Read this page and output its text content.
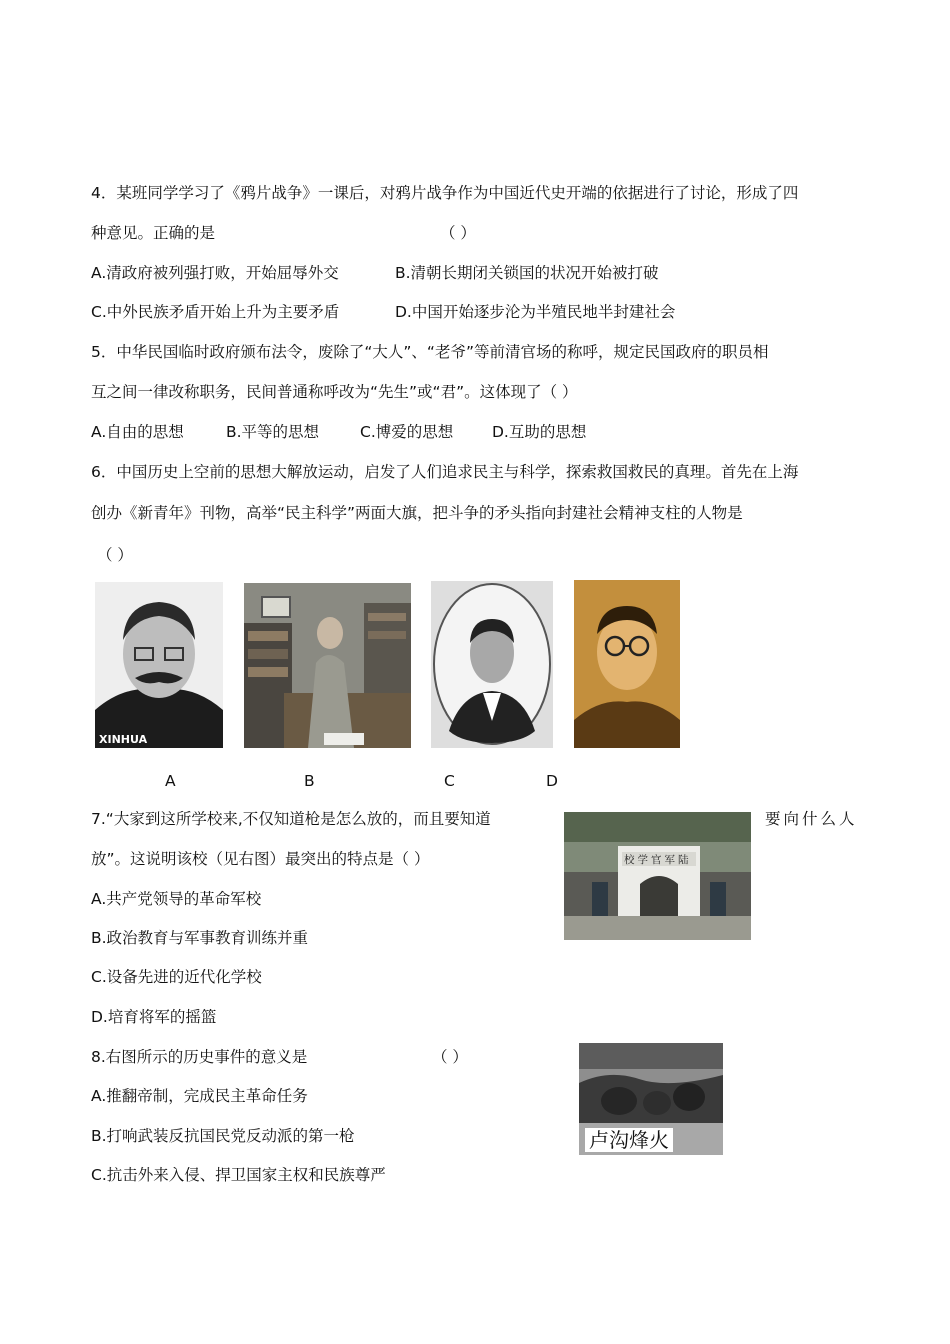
4．某班同学学习了《鸦片战争》一课后，对鸦片战争作为中国近代史开端的依据进行了讨论，形成了四
种意见。正确的是	（ ）
A.清政府被列强打败，开始屈辱外交	B.清朝长期闭关锁国的状况开始被打破
C.中外民族矛盾开始上升为主要矛盾	D.中国开始逐步沦为半殖民地半封建社会
5．中华民国临时政府颁布法令，废除了“大人”、“老爷”等前清官场的称呼，规定民国政府的职员相
互之间一律改称职务，民间普通称呼改为“先生”或“君”。这体现了（ ）
A.自由的思想	B.平等的思想	C.博爱的思想 D.互助的思想
6．中国历史上空前的思想大解放运动，启发了人们追求民主与科学，探索救国救民的真理。首先在上海
创办《新青年》刊物，高举“民主科学”两面大旗，把斗争的矛头指向封建社会精神支柱的人物是
（ ）
XINHUA
A	B	C	D
7.“大家到这所学校来,不仅知道枪是怎么放的，而且要知道	要向什么人
放”。这说明该校（见右图）最突出的特点是（ ）	校学官军陆
A.共产党领导的革命军校
B.政治教育与军事教育训练并重
C.设备先进的近代化学校
D.培育将军的摇篮
8.右图所示的历史事件的意义是	（ ）
A.推翻帝制，完成民主革命任务
B.打响武装反抗国民党反动派的第一枪
C.抗击外来入侵、捍卫国家主权和民族尊严
卢沟烽火
